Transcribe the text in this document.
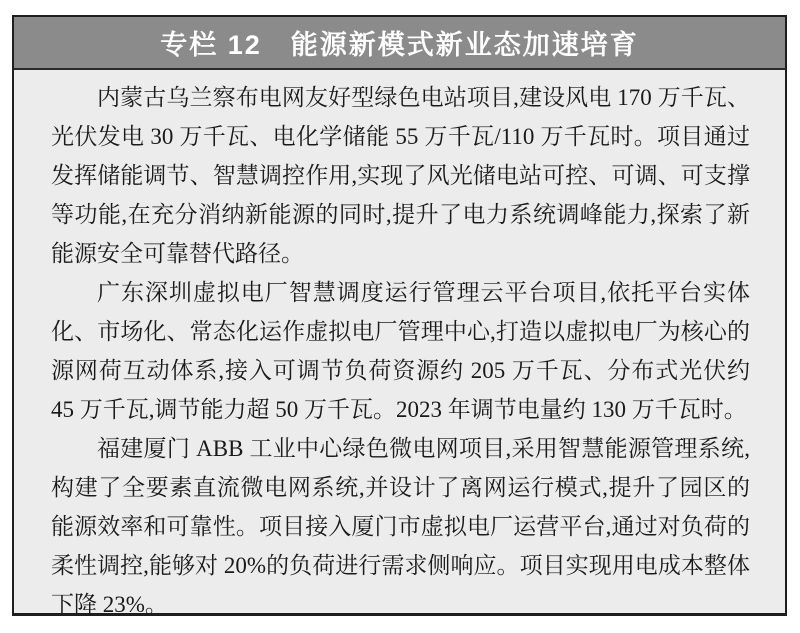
专栏 12　能源新模式新业态加速培育

内蒙古乌兰察布电网友好型绿色电站项目,建设风电 170 万千瓦、光伏发电 30 万千瓦、电化学储能 55 万千瓦/110 万千瓦时。项目通过发挥储能调节、智慧调控作用,实现了风光储电站可控、可调、可支撑等功能,在充分消纳新能源的同时,提升了电力系统调峰能力,探索了新能源安全可靠替代路径。

广东深圳虚拟电厂智慧调度运行管理云平台项目,依托平台实体化、市场化、常态化运作虚拟电厂管理中心,打造以虚拟电厂为核心的源网荷互动体系,接入可调节负荷资源约 205 万千瓦、分布式光伏约 45 万千瓦,调节能力超 50 万千瓦。2023 年调节电量约 130 万千瓦时。

福建厦门 ABB 工业中心绿色微电网项目,采用智慧能源管理系统,构建了全要素直流微电网系统,并设计了离网运行模式,提升了园区的能源效率和可靠性。项目接入厦门市虚拟电厂运营平台,通过对负荷的柔性调控,能够对 20%的负荷进行需求侧响应。项目实现用电成本整体下降 23%。
